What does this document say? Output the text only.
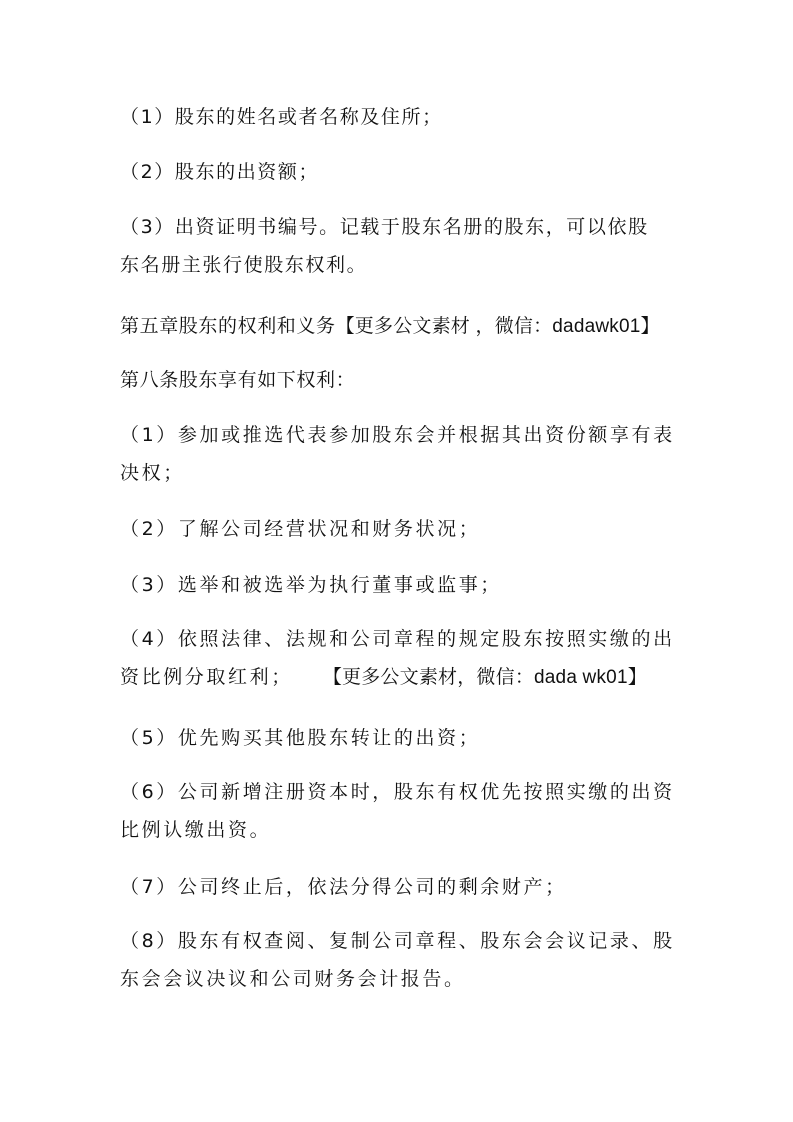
（1）股东的姓名或者名称及住所；
（2）股东的出资额；
（3）出资证明书编号。记载于股东名册的股东，可以依股
东名册主张行使股东权利。
第五章股东的权利和义务【更多公文素材 ，微信：dadawk01】
第八条股东享有如下权利：
（1）参加或推选代表参加股东会并根据其出资份额享有表
决权；
（2）了解公司经营状况和财务状况；
（3）选举和被选举为执行董事或监事；
（4）依照法律、法规和公司章程的规定股东按照实缴的出
资比例分取红利； 【更多公文素材，微信：dada wk01】
（5）优先购买其他股东转让的出资；
（6）公司新增注册资本时，股东有权优先按照实缴的出资
比例认缴出资。
（7）公司终止后，依法分得公司的剩余财产；
（8）股东有权查阅、复制公司章程、股东会会议记录、股
东会会议决议和公司财务会计报告。
